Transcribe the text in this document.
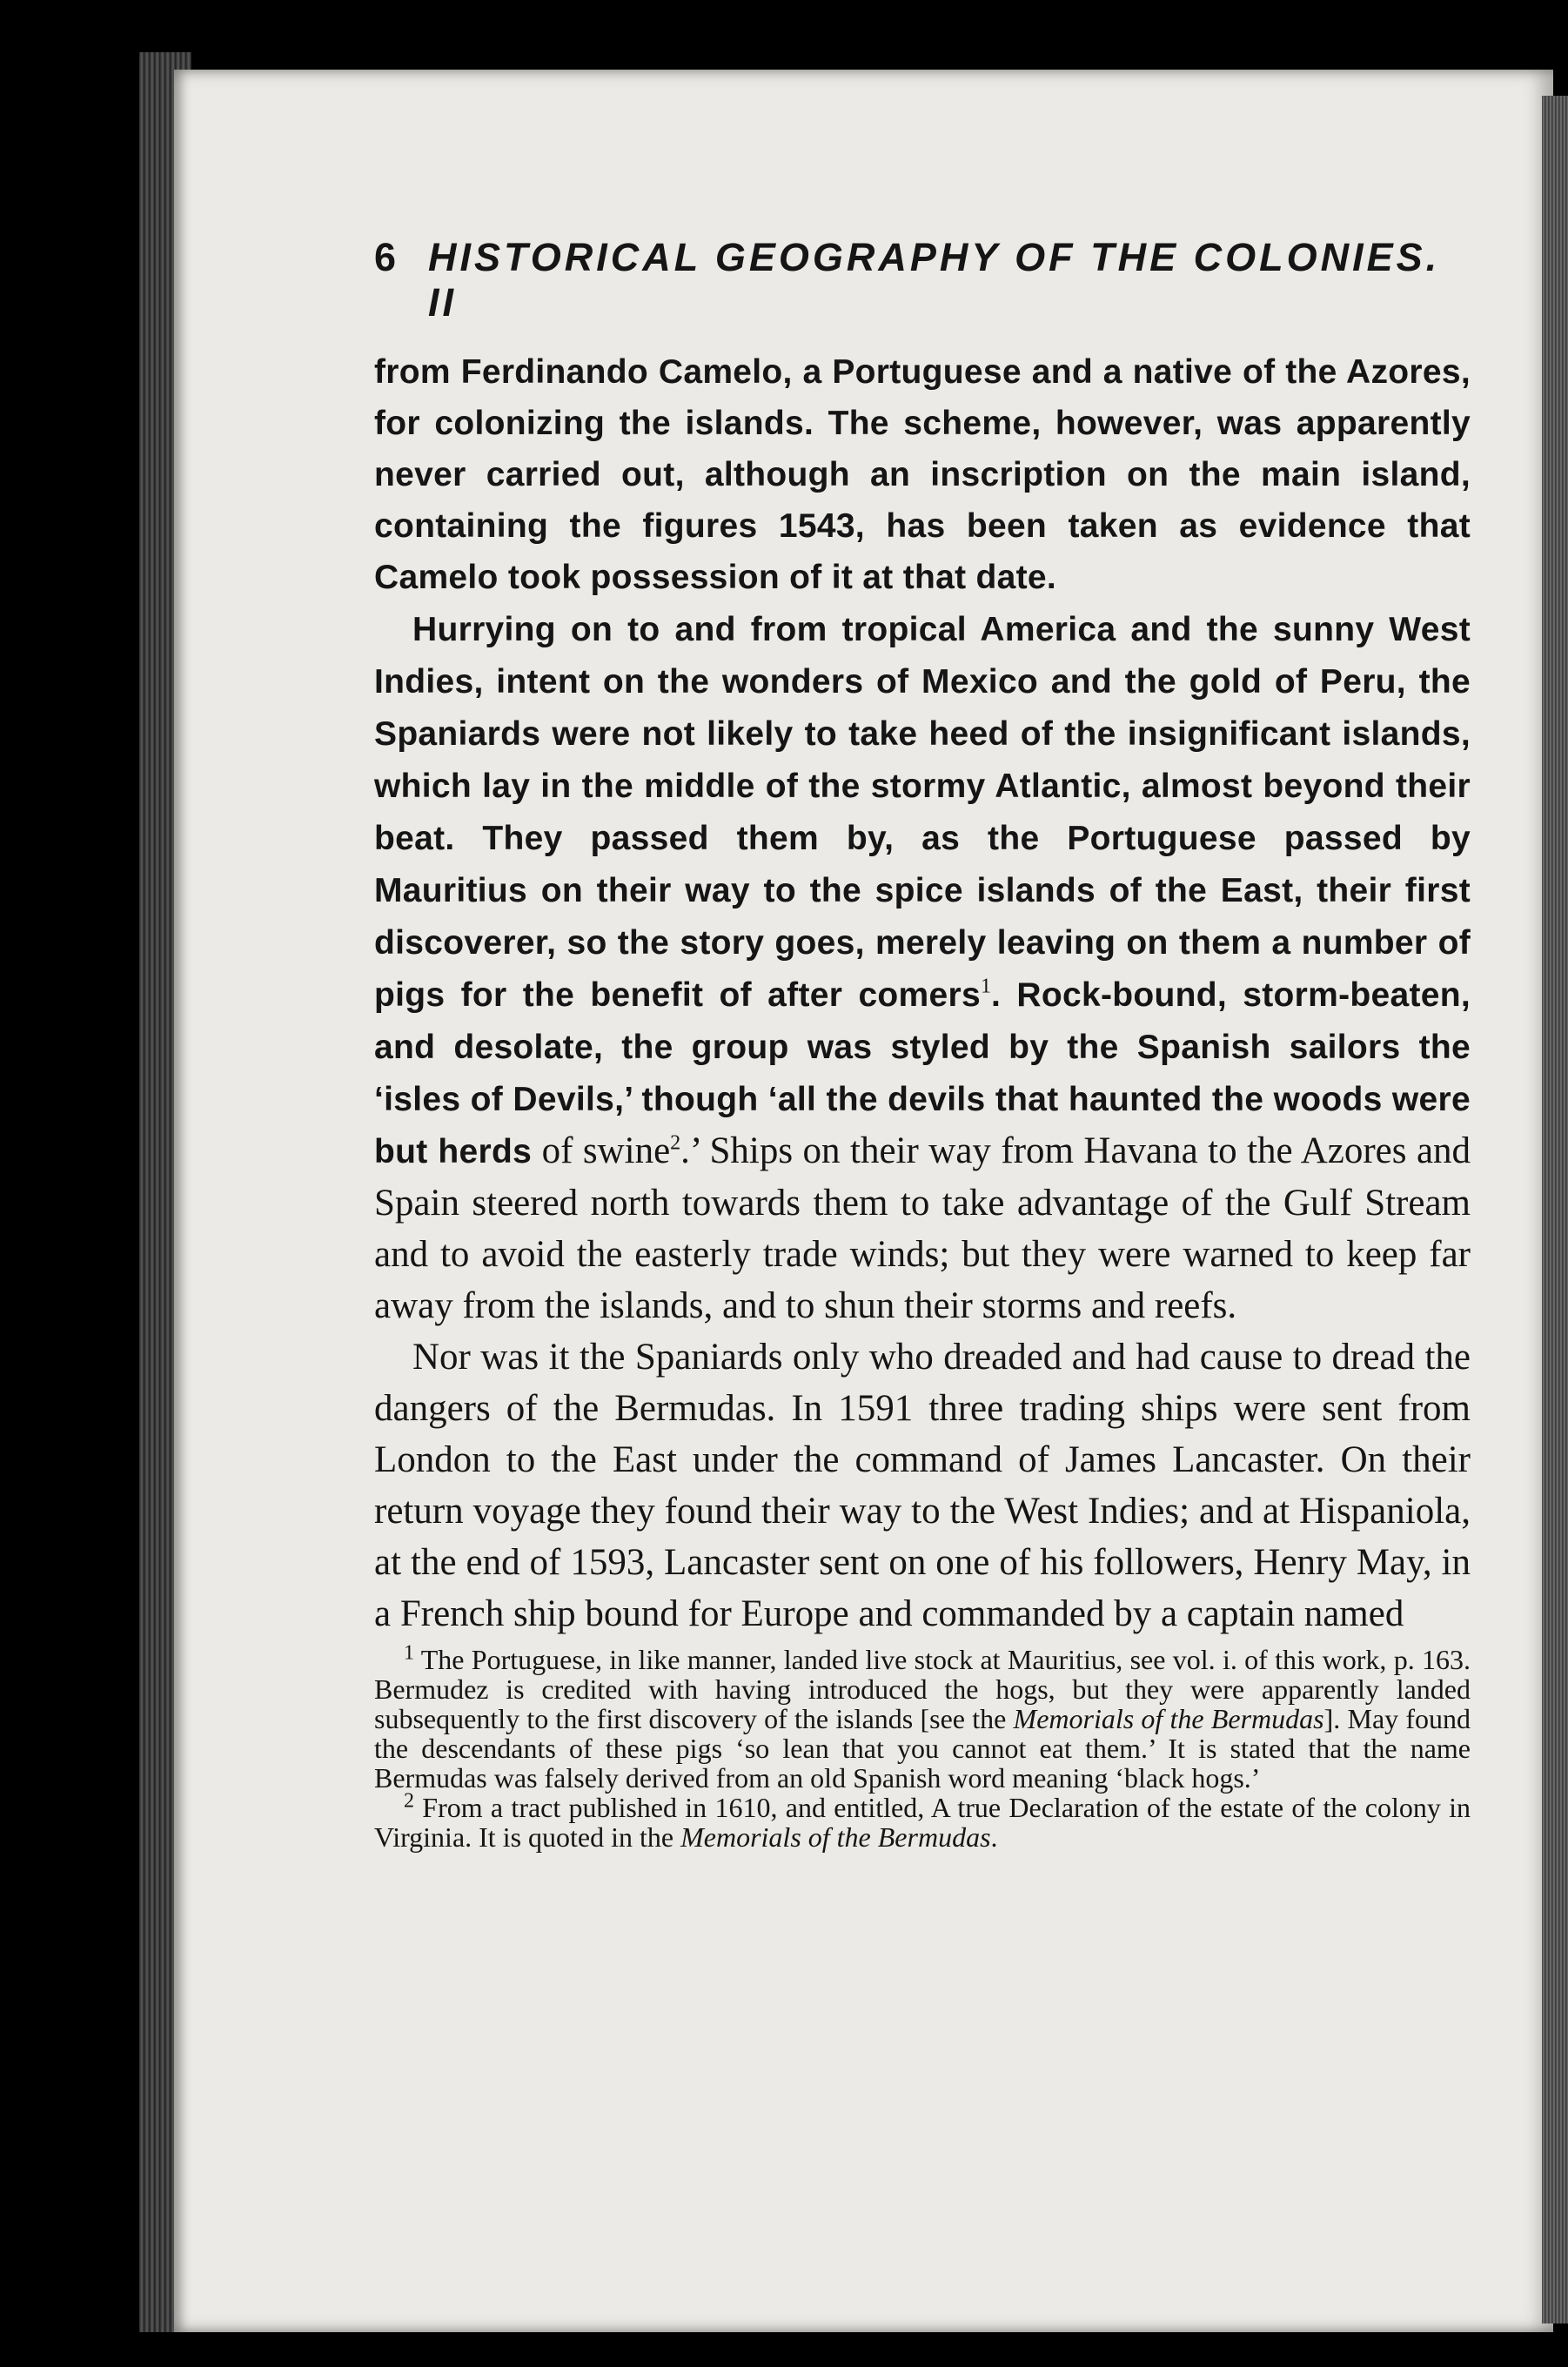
6 HISTORICAL GEOGRAPHY OF THE COLONIES. II

from Ferdinando Camelo, a Portuguese and a native of the Azores, for colonizing the islands. The scheme, however, was apparently never carried out, although an inscription on the main island, containing the figures 1543, has been taken as evidence that Camelo took possession of it at that date.

Hurrying on to and from tropical America and the sunny West Indies, intent on the wonders of Mexico and the gold of Peru, the Spaniards were not likely to take heed of the insignificant islands, which lay in the middle of the stormy Atlantic, almost beyond their beat. They passed them by, as the Portuguese passed by Mauritius on their way to the spice islands of the East, their first discoverer, so the story goes, merely leaving on them a number of pigs for the benefit of after comers$^1$. Rock-bound, storm-beaten, and desolate, the group was styled by the Spanish sailors the ‘isles of Devils,’ though ‘all the devils that haunted the woods were but herds of swine$^2$.’ Ships on their way from Havana to the Azores and Spain steered north towards them to take advantage of the Gulf Stream and to avoid the easterly trade winds; but they were warned to keep far away from the islands, and to shun their storms and reefs.

Nor was it the Spaniards only who dreaded and had cause to dread the dangers of the Bermudas. In 1591 three trading ships were sent from London to the East under the command of James Lancaster. On their return voyage they found their way to the West Indies; and at Hispaniola, at the end of 1593, Lancaster sent on one of his followers, Henry May, in a French ship bound for Europe and commanded by a captain named

$^1$ The Portuguese, in like manner, landed live stock at Mauritius, see vol. i. of this work, p. 163. Bermudez is credited with having introduced the hogs, but they were apparently landed subsequently to the first discovery of the islands [see the Memorials of the Bermudas]. May found the descendants of these pigs ‘so lean that you cannot eat them.’ It is stated that the name Bermudas was falsely derived from an old Spanish word meaning ‘black hogs.’

$^2$ From a tract published in 1610, and entitled, A true Declaration of the estate of the colony in Virginia. It is quoted in the Memorials of the Bermudas.
